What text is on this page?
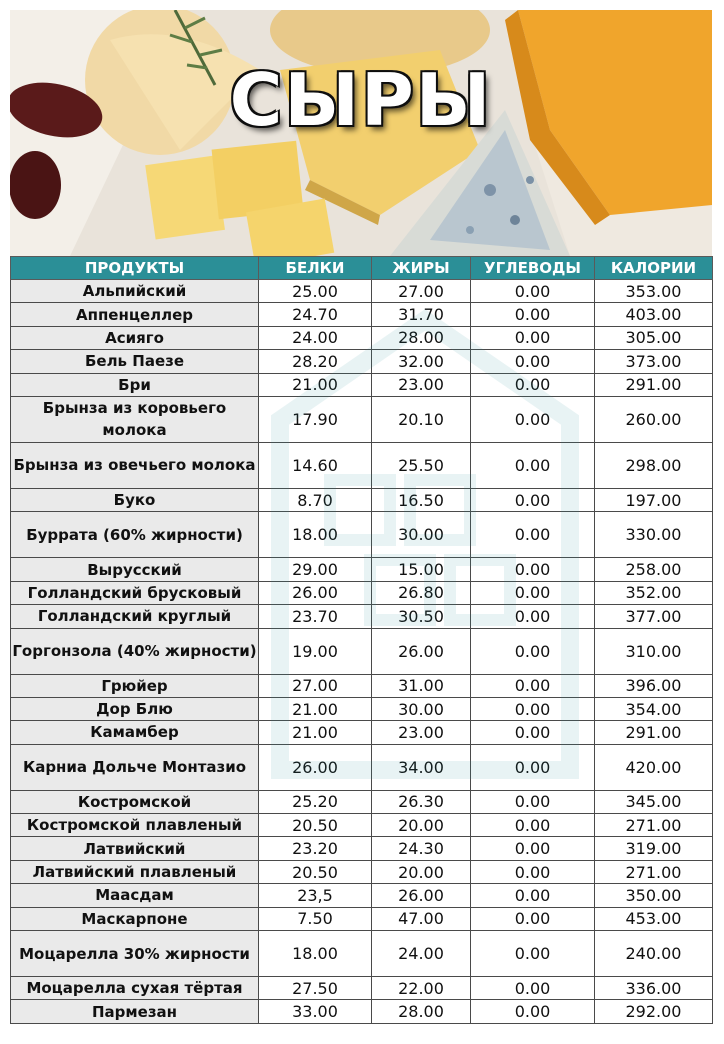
СЫРЫ
ПРОДУКТЫ	БЕЛКИ	ЖИРЫ	УГЛЕВОДЫ	КАЛОРИИ
Альпийский	25.00	27.00	0.00	353.00
Аппенцеллер	24.70	31.70	0.00	403.00
Асияго	24.00	28.00	0.00	305.00
Бель Паезе	28.20	32.00	0.00	373.00
Бри	21.00	23.00	0.00	291.00
Брынза из коровьего молока	17.90	20.10	0.00	260.00
Брынза из овечьего молока	14.60	25.50	0.00	298.00
Буко	8.70	16.50	0.00	197.00
Буррата (60% жирности)	18.00	30.00	0.00	330.00
Вырусский	29.00	15.00	0.00	258.00
Голландский брусковый	26.00	26.80	0.00	352.00
Голландский круглый	23.70	30.50	0.00	377.00
Горгонзола (40% жирности)	19.00	26.00	0.00	310.00
Грюйер	27.00	31.00	0.00	396.00
Дор Блю	21.00	30.00	0.00	354.00
Камамбер	21.00	23.00	0.00	291.00
Карниа Дольче Монтазио	26.00	34.00	0.00	420.00
Костромской	25.20	26.30	0.00	345.00
Костромской плавленый	20.50	20.00	0.00	271.00
Латвийский	23.20	24.30	0.00	319.00
Латвийский плавленый	20.50	20.00	0.00	271.00
Маасдам	23,5	26.00	0.00	350.00
Маскарпоне	7.50	47.00	0.00	453.00
Моцарелла 30% жирности	18.00	24.00	0.00	240.00
Моцарелла сухая тёртая	27.50	22.00	0.00	336.00
Пармезан	33.00	28.00	0.00	292.00
